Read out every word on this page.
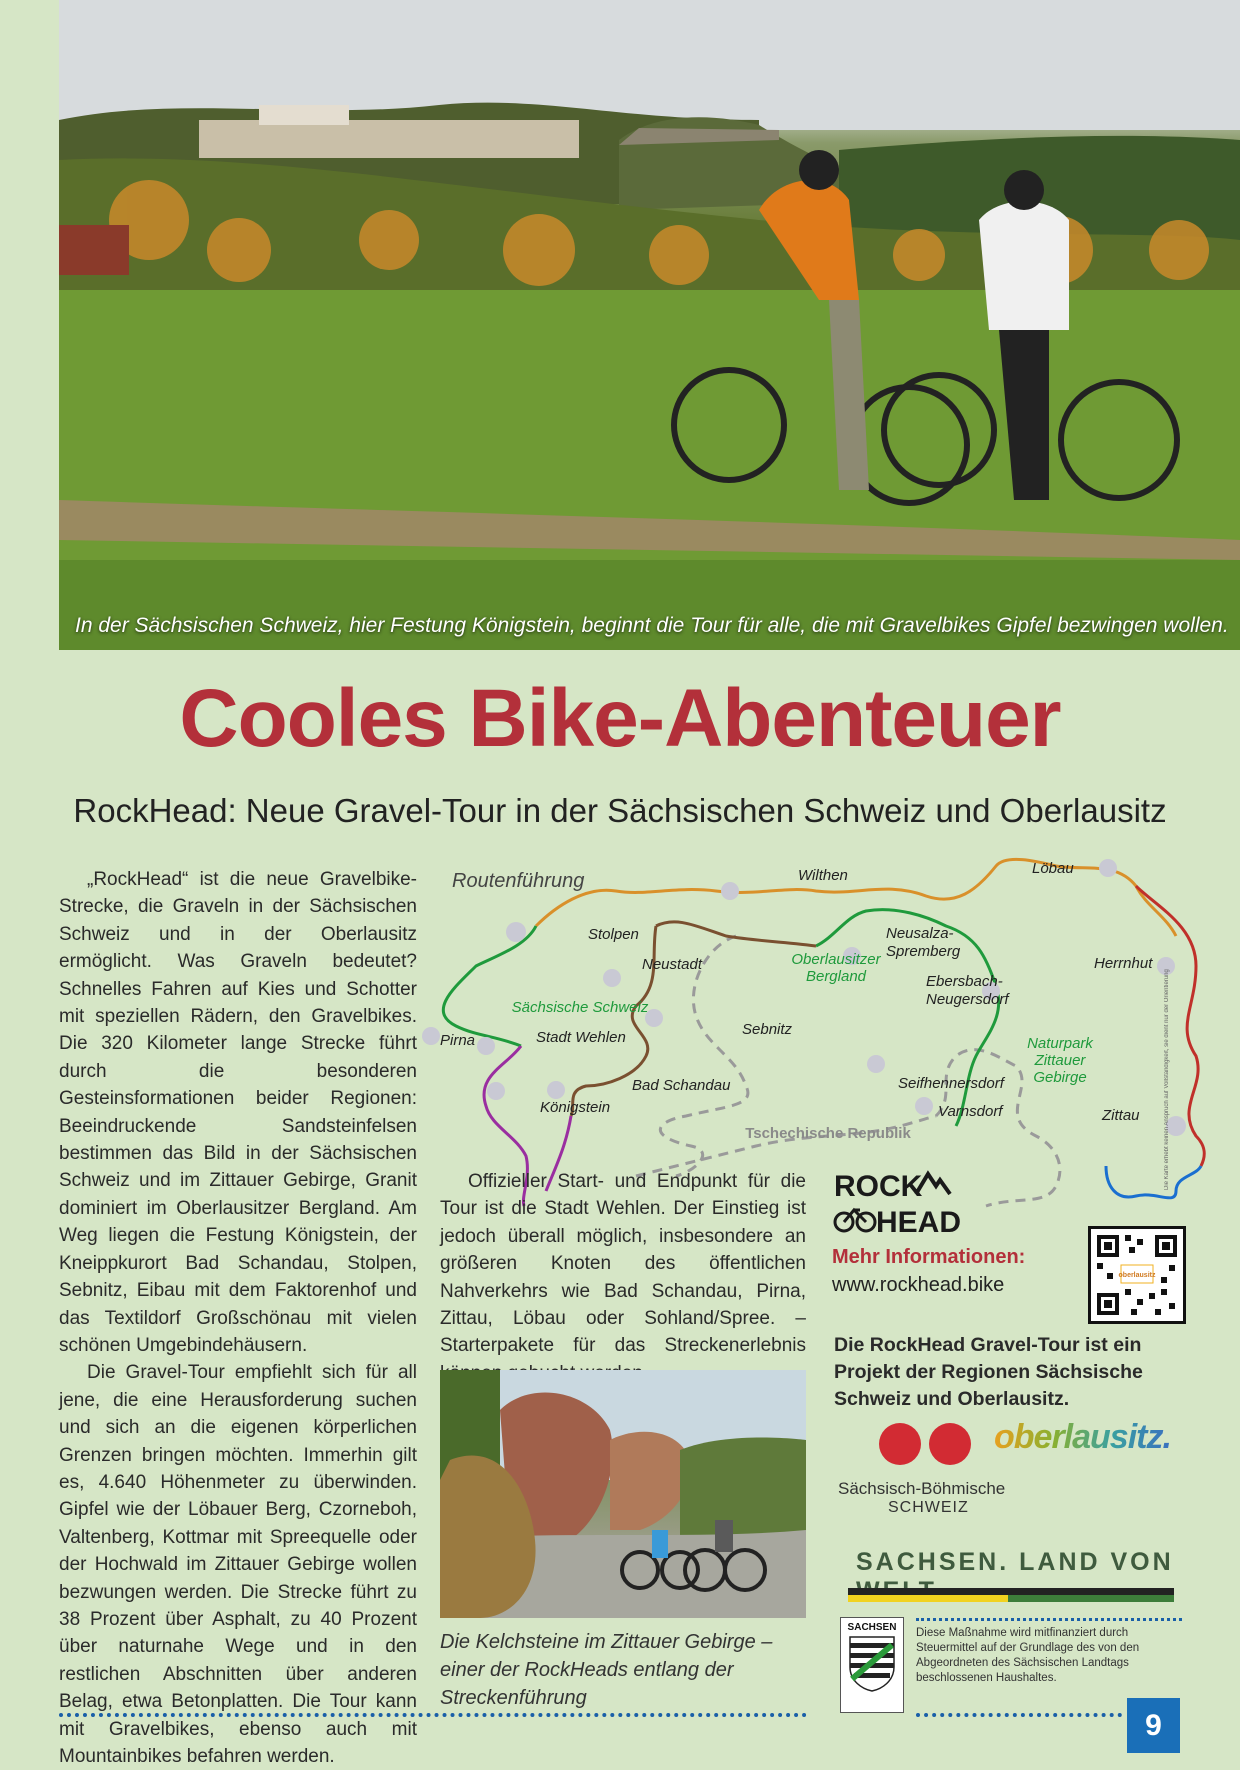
In der Sächsischen Schweiz, hier Festung Königstein, beginnt die Tour für alle, die mit Gravelbikes Gipfel bezwingen wollen.
Cooles Bike-Abenteuer
RockHead: Neue Gravel-Tour in der Sächsischen Schweiz und Oberlausitz

„RockHead“ ist die neue Gravelbike-Strecke, die Graveln in der Sächsischen Schweiz und in der Oberlausitz ermöglicht. Was Graveln bedeutet? Schnelles Fahren auf Kies und Schotter mit speziellen Rädern, den Gravelbikes. Die 320 Kilometer lange Strecke führt durch die besonderen Gesteinsformationen beider Regionen: Beeindruckende Sandsteinfelsen bestimmen das Bild in der Sächsischen Schweiz und im Zittauer Gebirge, Granit dominiert im Oberlausitzer Bergland. Am Weg liegen die Festung Königstein, der Kneippkurort Bad Schandau, Stolpen, Sebnitz, Eibau mit dem Faktorenhof und das Textildorf Großschönau mit vielen schönen Umgebindehäusern.

Die Gravel-Tour empfiehlt sich für all jene, die eine Herausforderung suchen und sich an die eigenen körperlichen Grenzen bringen möchten. Immerhin gilt es, 4.640 Höhenmeter zu überwinden. Gipfel wie der Löbauer Berg, Czorneboh, Valtenberg, Kottmar mit Spreequelle oder der Hochwald im Zittauer Gebirge wollen bezwungen werden. Die Strecke führt zu 38 Prozent über Asphalt, zu 40 Prozent über naturnahe Wege und in den restlichen Abschnitten über anderen Belag, etwa Betonplatten. Die Tour kann mit Gravelbikes, ebenso auch mit Mountainbikes befahren werden.

Routenführung	Wilthen	Löbau
Stolpen
Neustadt
Neusalza-
Spremberg
Herrnhut
Ebersbach-
Neugersdorf
Pirna	Stadt Wehlen	Sebnitz
Seifhennersdorf
Varnsdorf	Zittau
Bad Schandau
Königstein
Sächsische Schweiz
Oberlausitzer
Bergland
Naturpark
Zittauer
Gebirge
Tschechische Republik	Die Karte erhebt keinen Anspruch auf Vollständigkeit, sie dient nur der Orientierung

Offizieller Start- und Endpunkt für die Tour ist die Stadt Wehlen. Der Einstieg ist jedoch überall möglich, insbesondere an größeren Knoten des öffentlichen Nahverkehrs wie Bad Schandau, Pirna, Zittau, Löbau oder Sohland/Spree. – Starterpakete für das Streckenerlebnis

Die Kelchsteine im Zittauer Gebirge – einer der RockHeads entlang der Streckenführung
ROCK
HEAD
Mehr Informationen:
www.rockhead.bike	oberlausitz
Die RockHead Gravel-Tour ist ein Projekt der Regionen Sächsische Schweiz und Oberlausitz.
Sächsisch-Böhmische
SCHWEIZ
oberlausitz.
SACHSEN. LAND VON
SACHSEN	Diese Maßnahme wird mitfinanziert durch Steuermittel auf der Grundlage des von den Abgeordneten des Sächsischen Landtags beschlossenen Haushaltes.
9
